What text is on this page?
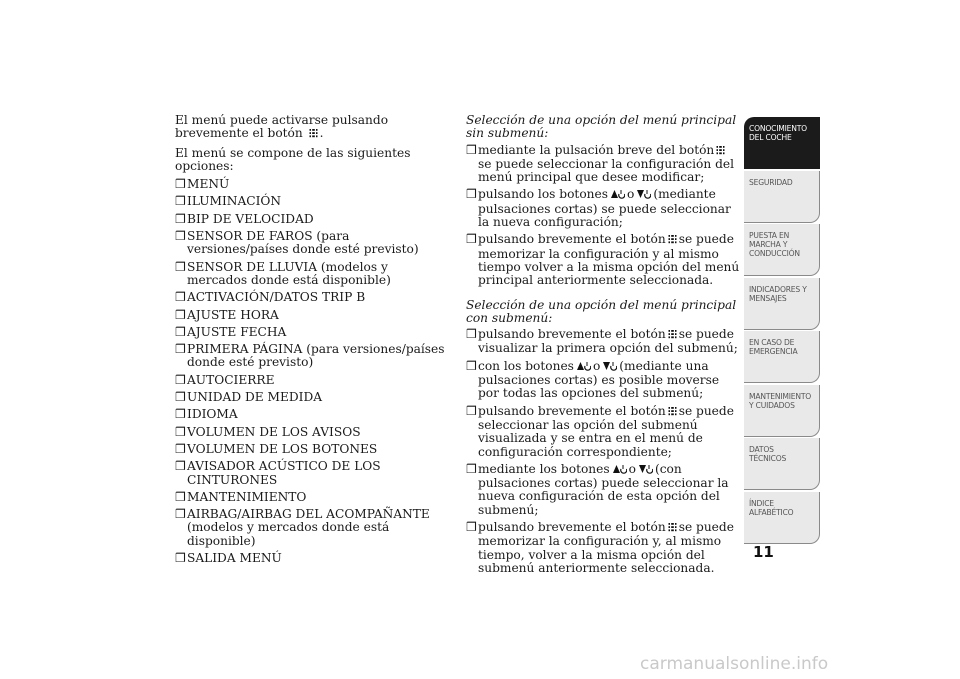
El menú puede activarse pulsando brevemente el botón .

El menú se compone de las siguientes opciones:

❒ MENÚ
❒ ILUMINACIÓN
❒ BIP DE VELOCIDAD
❒ SENSOR DE FAROS (para versiones/países donde esté previsto)
❒ SENSOR DE LLUVIA (modelos y mercados donde está disponible)
❒ ACTIVACIÓN/DATOS TRIP B
❒ AJUSTE HORA
❒ AJUSTE FECHA
❒ PRIMERA PÁGINA (para versiones/países donde esté previsto)
❒ AUTOCIERRE
❒ UNIDAD DE MEDIDA
❒ IDIOMA
❒ VOLUMEN DE LOS AVISOS
❒ VOLUMEN DE LOS BOTONES
❒ AVISADOR ACÚSTICO DE LOS CINTURONES
❒ MANTENIMIENTO
❒ AIRBAG/AIRBAG DEL ACOMPAÑANTE (modelos y mercados donde está disponible)
❒ SALIDA MENÚ

Selección de una opción del menú principal sin submenú:

❒ mediante la pulsación breve del botónse puede seleccionar la configuración del menú principal que desee modificar;
❒ pulsando los botones o (mediante pulsaciones cortas) se puede seleccionar la nueva configuración;
❒ pulsando brevemente el botón se puede memorizar la configuración y al mismo tiempo volver a la misma opción del menú principal anteriormente seleccionada.

Selección de una opción del menú principal con submenú:

❒ pulsando brevemente el botón se puede visualizar la primera opción del submenú;
❒ con los botones o (mediante una pulsaciones cortas) es posible moverse por todas las opciones del submenú;
❒ pulsando brevemente el botón se puede seleccionar las opción del submenú visualizada y se entra en el menú de configuración correspondiente;
❒ mediante los botones o (con pulsaciones cortas) puede seleccionar la nueva configuración de esta opción del submenú;
❒ pulsando brevemente el botón se puede memorizar la configuración y, al mismo tiempo, volver a la misma opción del submenú anteriormente seleccionada.
CONOCIMIENTO DEL COCHE
SEGURIDAD
PUESTA EN MARCHA Y CONDUCCIÓN
INDICADORES Y MENSAJES
EN CASO DE EMERGENCIA
MANTENIMIENTO Y CUIDADOS
DATOS TÉCNICOS
ÍNDICE ALFABÉTICO
11
carmanualsonline.info
